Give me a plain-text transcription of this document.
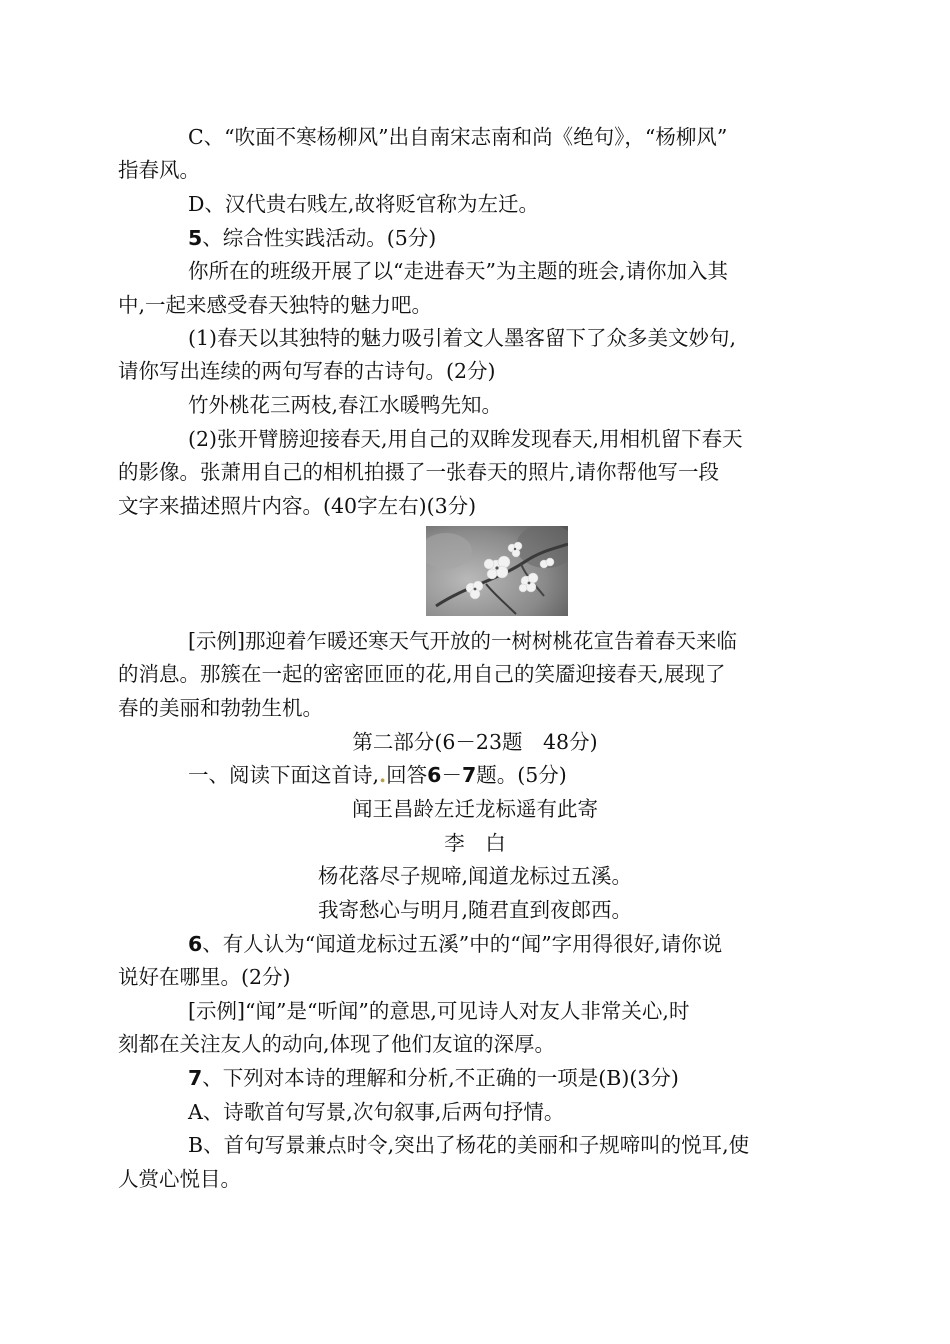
C、“吹面不寒杨柳风”出自南宋志南和尚《绝句》，“杨柳风”
指春风。
D、汉代贵右贱左,故将贬官称为左迁。
5、综合性实践活动。(5分)
你所在的班级开展了以“走进春天”为主题的班会,请你加入其
中,一起来感受春天独特的魅力吧。
(1)春天以其独特的魅力吸引着文人墨客留下了众多美文妙句,
请你写出连续的两句写春的古诗句。(2分)
竹外桃花三两枝,春江水暖鸭先知。
(2)张开臂膀迎接春天,用自己的双眸发现春天,用相机留下春天
的影像。张萧用自己的相机拍摄了一张春天的照片,请你帮他写一段
文字来描述照片内容。(40字左右)(3分)
[示例]那迎着乍暖还寒天气开放的一树树桃花宣告着春天来临
的消息。那簇在一起的密密匝匝的花,用自己的笑靥迎接春天,展现了
春的美丽和勃勃生机。
第二部分(6－23题　48分)
一、阅读下面这首诗,.回答6－7题。(5分)
闻王昌龄左迁龙标遥有此寄
李　白
杨花落尽子规啼,闻道龙标过五溪。
我寄愁心与明月,随君直到夜郎西。
6、有人认为“闻道龙标过五溪”中的“闻”字用得很好,请你说
说好在哪里。(2分)
[示例]“闻”是“听闻”的意思,可见诗人对友人非常关心,时
刻都在关注友人的动向,体现了他们友谊的深厚。
7、下列对本诗的理解和分析,不正确的一项是(B)(3分)
A、诗歌首句写景,次句叙事,后两句抒情。
B、首句写景兼点时令,突出了杨花的美丽和子规啼叫的悦耳,使
人赏心悦目。
